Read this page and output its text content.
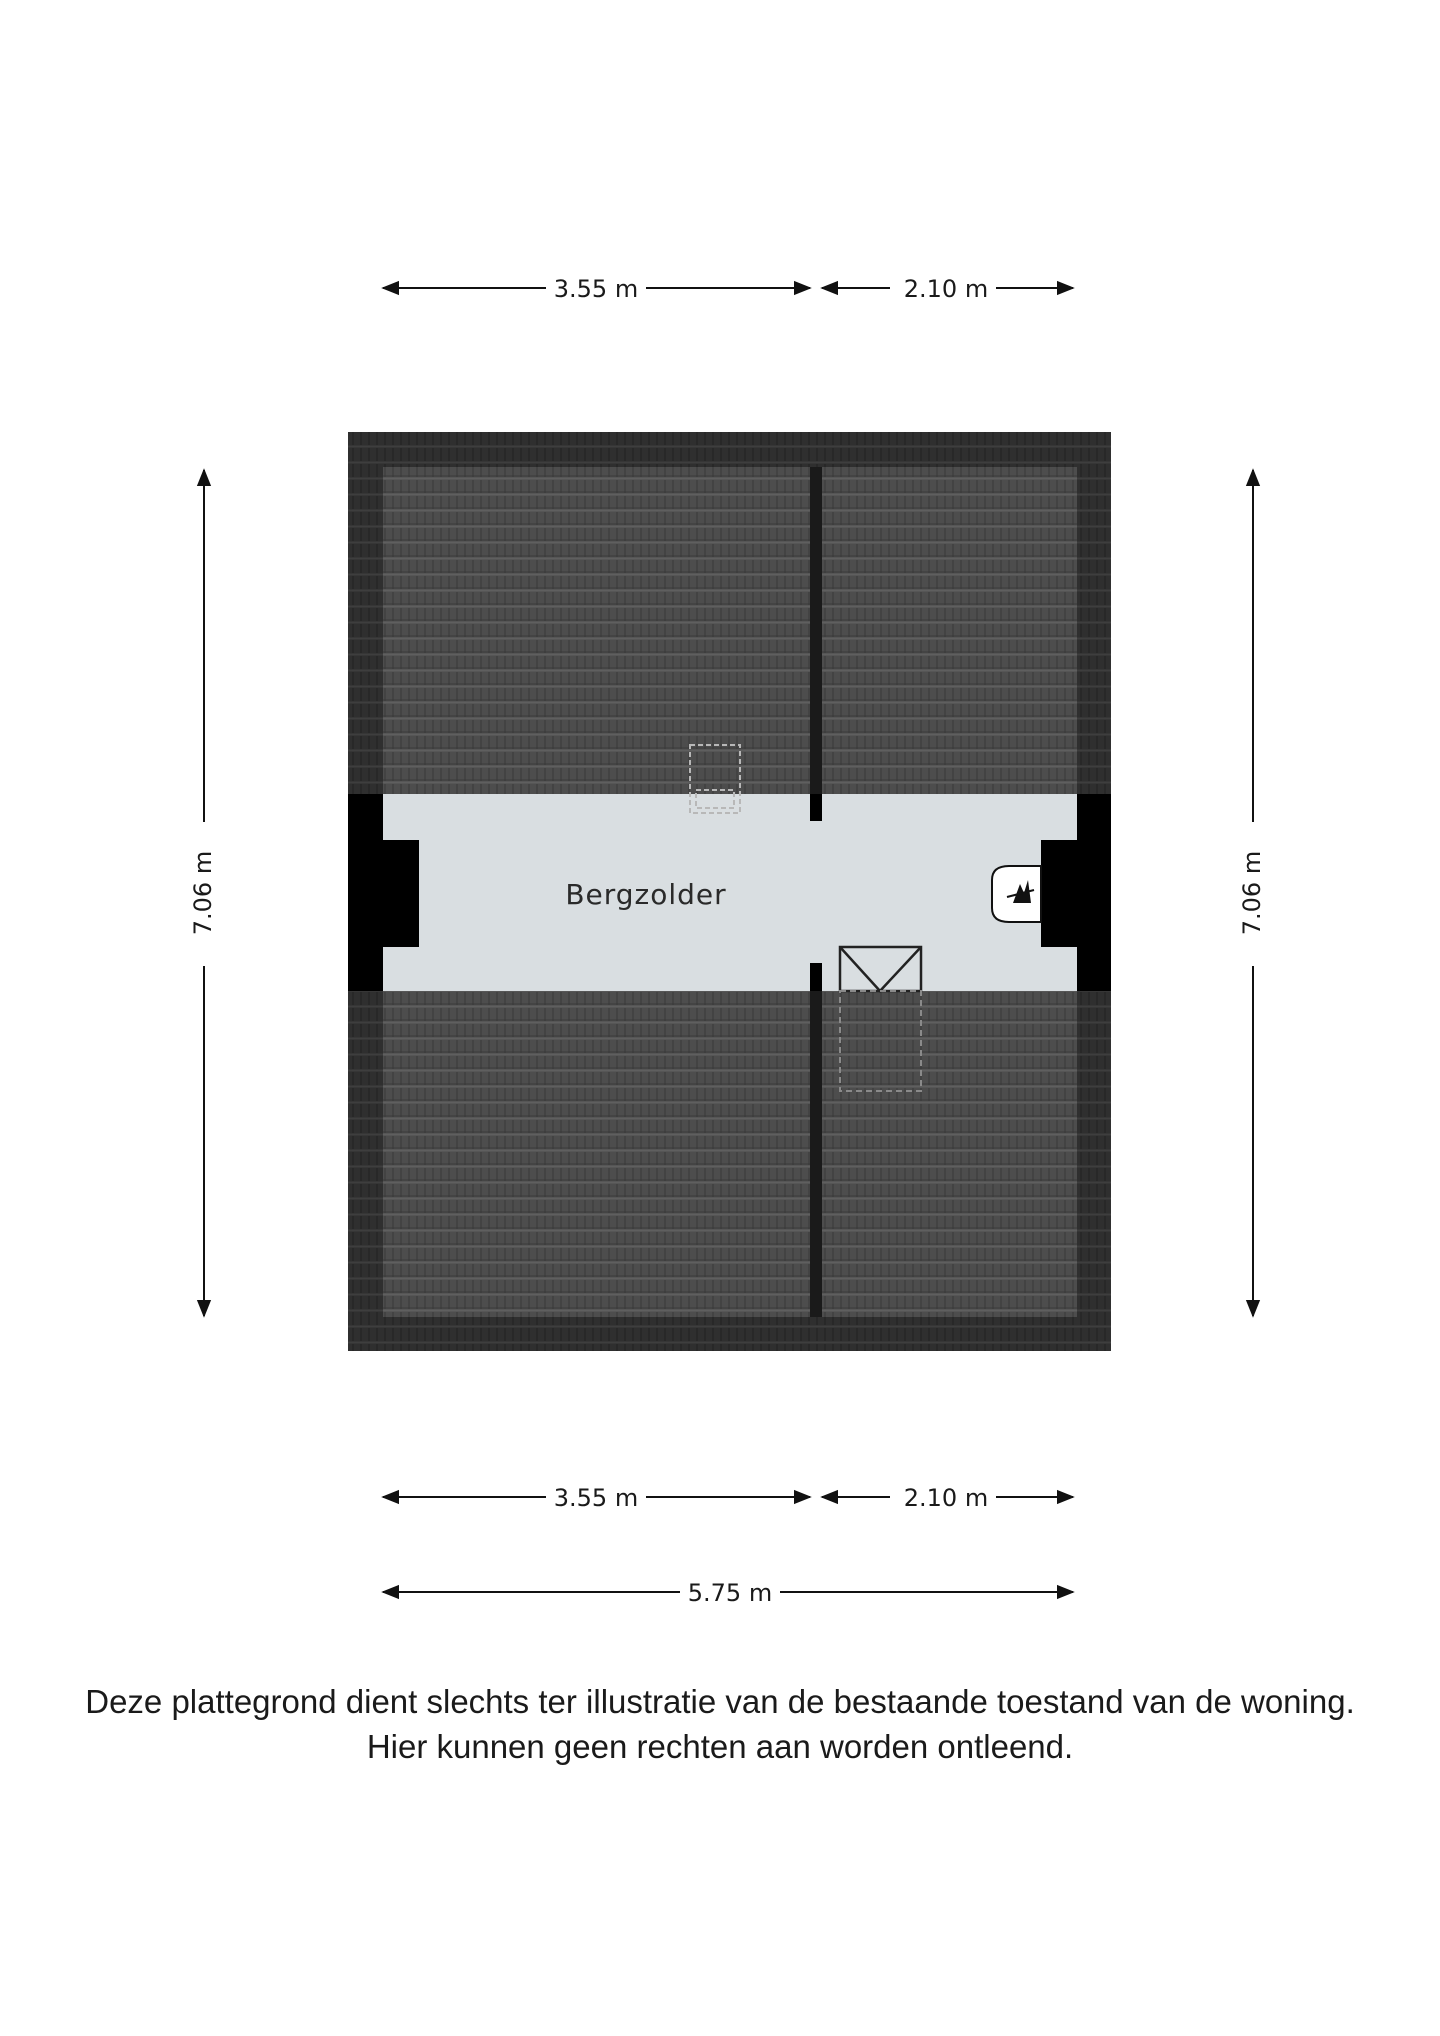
3.55 m	2.10 m
7.06 m	7.06 m
Bergzolder
3.55 m	2.10 m
5.75 m
Deze plattegrond dient slechts ter illustratie van de bestaande toestand van de woning.
Hier kunnen geen rechten aan worden ontleend.
